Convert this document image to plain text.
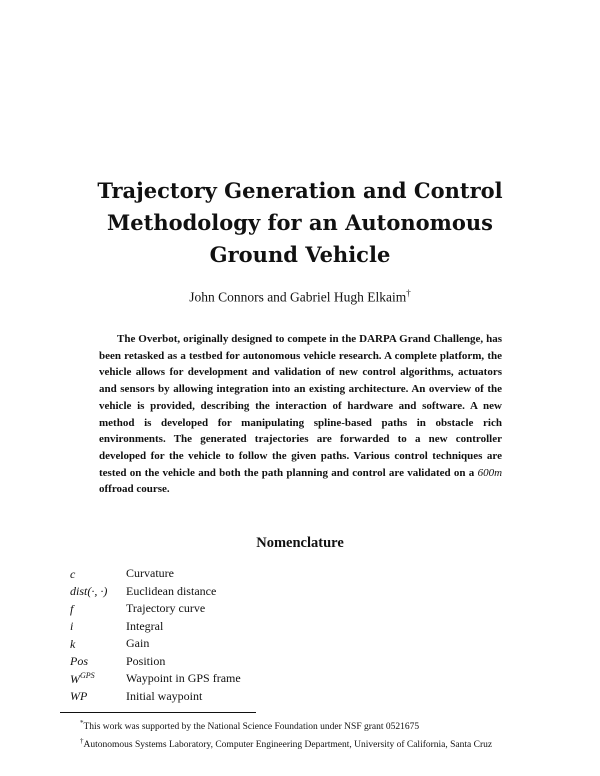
Trajectory Generation and Control Methodology for an Autonomous Ground Vehicle
John Connors and Gabriel Hugh Elkaim†
The Overbot, originally designed to compete in the DARPA Grand Challenge, has been retasked as a testbed for autonomous vehicle research. A complete platform, the vehicle allows for development and validation of new control algorithms, actuators and sensors by allowing integration into an existing architecture. An overview of the vehicle is provided, describing the interaction of hardware and software. A new method is developed for manipulating spline-based paths in obstacle rich environments. The generated trajectories are forwarded to a new controller developed for the vehicle to follow the given paths. Various control techniques are tested on the vehicle and both the path planning and control are validated on a 600m offroad course.
Nomenclature
c	Curvature
dist(·, ·)	Euclidean distance
f	Trajectory curve
i	Integral
k	Gain
Pos	Position
$W^{GPS}$	Waypoint in GPS frame
WP	Initial waypoint
*This work was supported by the National Science Foundation under NSF grant 0521675
†Autonomous Systems Laboratory, Computer Engineering Department, University of California, Santa Cruz
